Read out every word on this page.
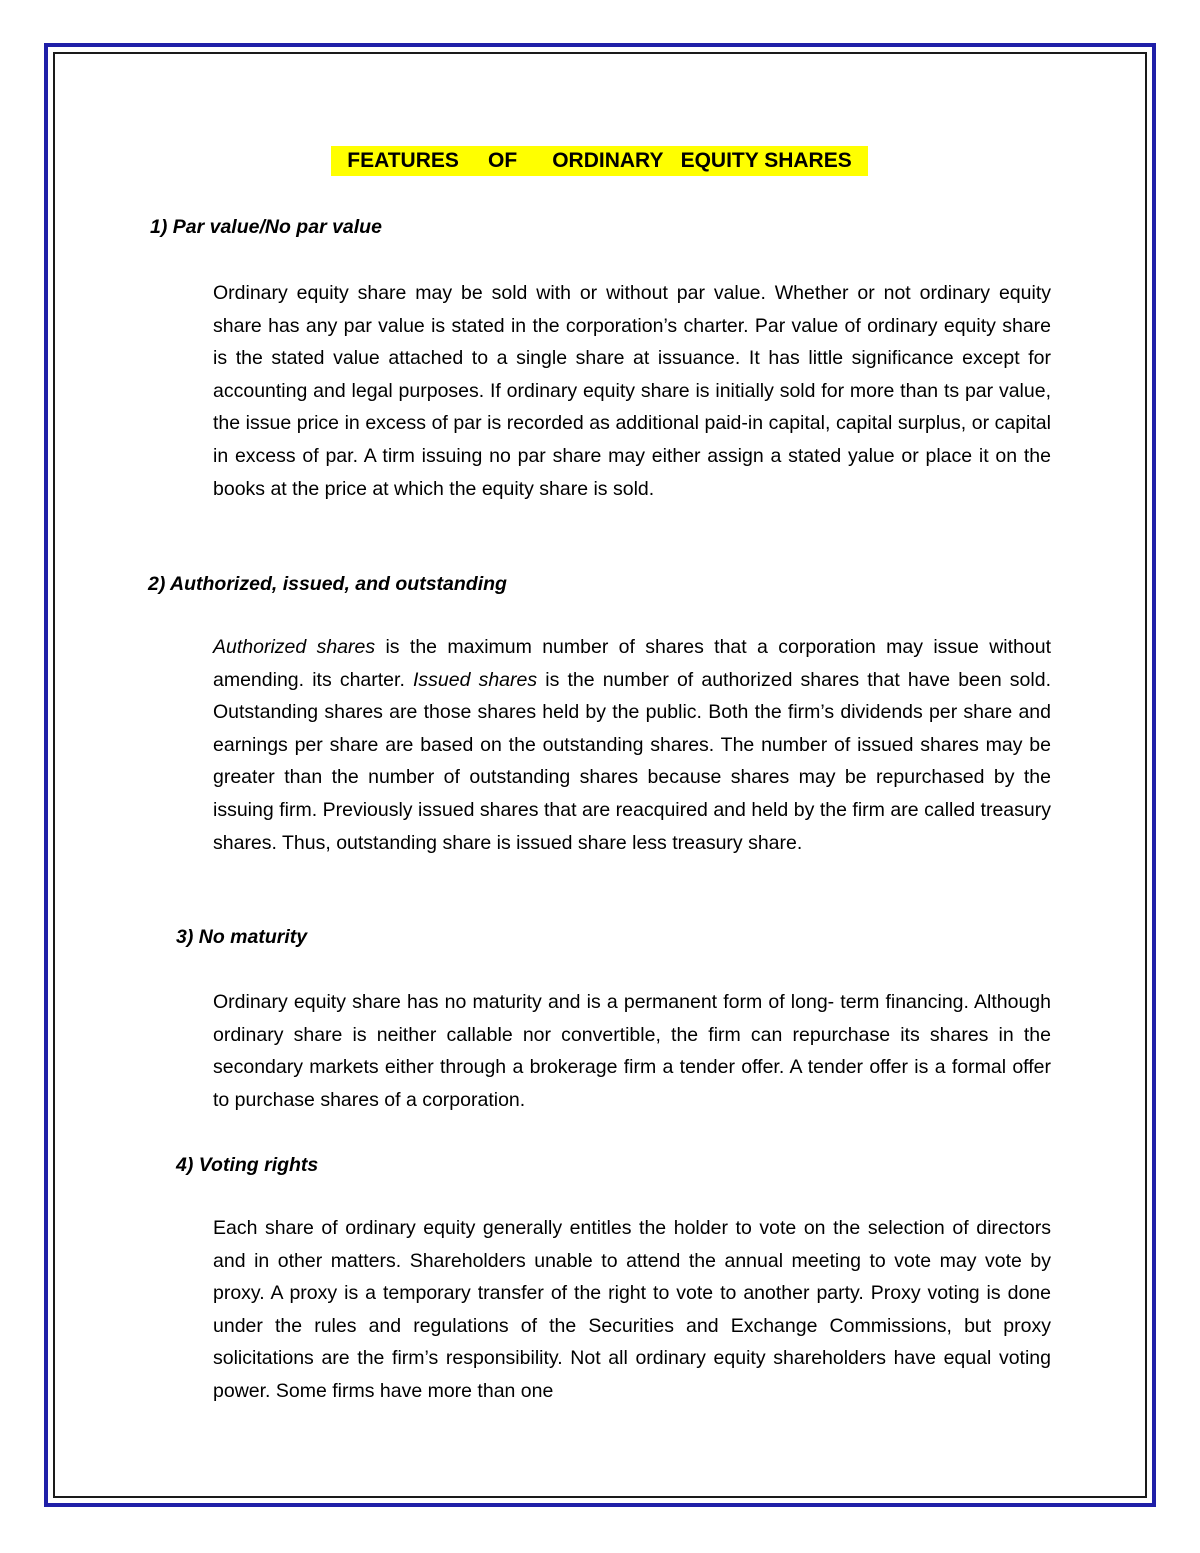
FEATURES     OF      ORDINARY   EQUITY SHARES
1) Par value/No par value

Ordinary equity share may be sold with or without par value. Whether or not ordinary equity share has any par value is stated in the corporation’s charter. Par value of ordinary equity share is the stated value attached to a single share at issuance. It has little significance except for accounting and legal purposes. If ordinary equity share is initially sold for more than ts par value, the issue price in excess of par is recorded as additional paid-in capital, capital surplus, or capital in excess of par. A tirm issuing no par share may either assign a stated yalue or place it on the books at the price at which the equity share is sold.

2) Authorized, issued, and outstanding

Authorized shares is the maximum number of shares that a corporation may issue without amending. its charter. Issued shares is the number of authorized shares that have been sold. Outstanding shares are those shares held by the public. Both the firm’s dividends per share and earnings per share are based on the outstanding shares. The number of issued shares may be greater than the number of outstanding shares because shares may be repurchased by the issuing firm. Previously issued shares that are reacquired and held by the firm are called treasury shares. Thus, outstanding share is issued share less treasury share.

3) No maturity

Ordinary equity share has no maturity and is a permanent form of long- term financing. Although ordinary share is neither callable nor convertible, the firm can repurchase its shares in the secondary markets either through a brokerage firm a tender offer. A tender offer is a formal offer to purchase shares of a corporation.

4) Voting rights

Each share of ordinary equity generally entitles the holder to vote on the selection of directors and in other matters. Shareholders unable to attend the annual meeting to vote may vote by proxy. A proxy is a temporary transfer of the right to vote to another party. Proxy voting is done under the rules and regulations of the Securities and Exchange Commissions, but proxy solicitations are the firm’s responsibility. Not all ordinary equity shareholders have equal voting power. Some firms have more than one
